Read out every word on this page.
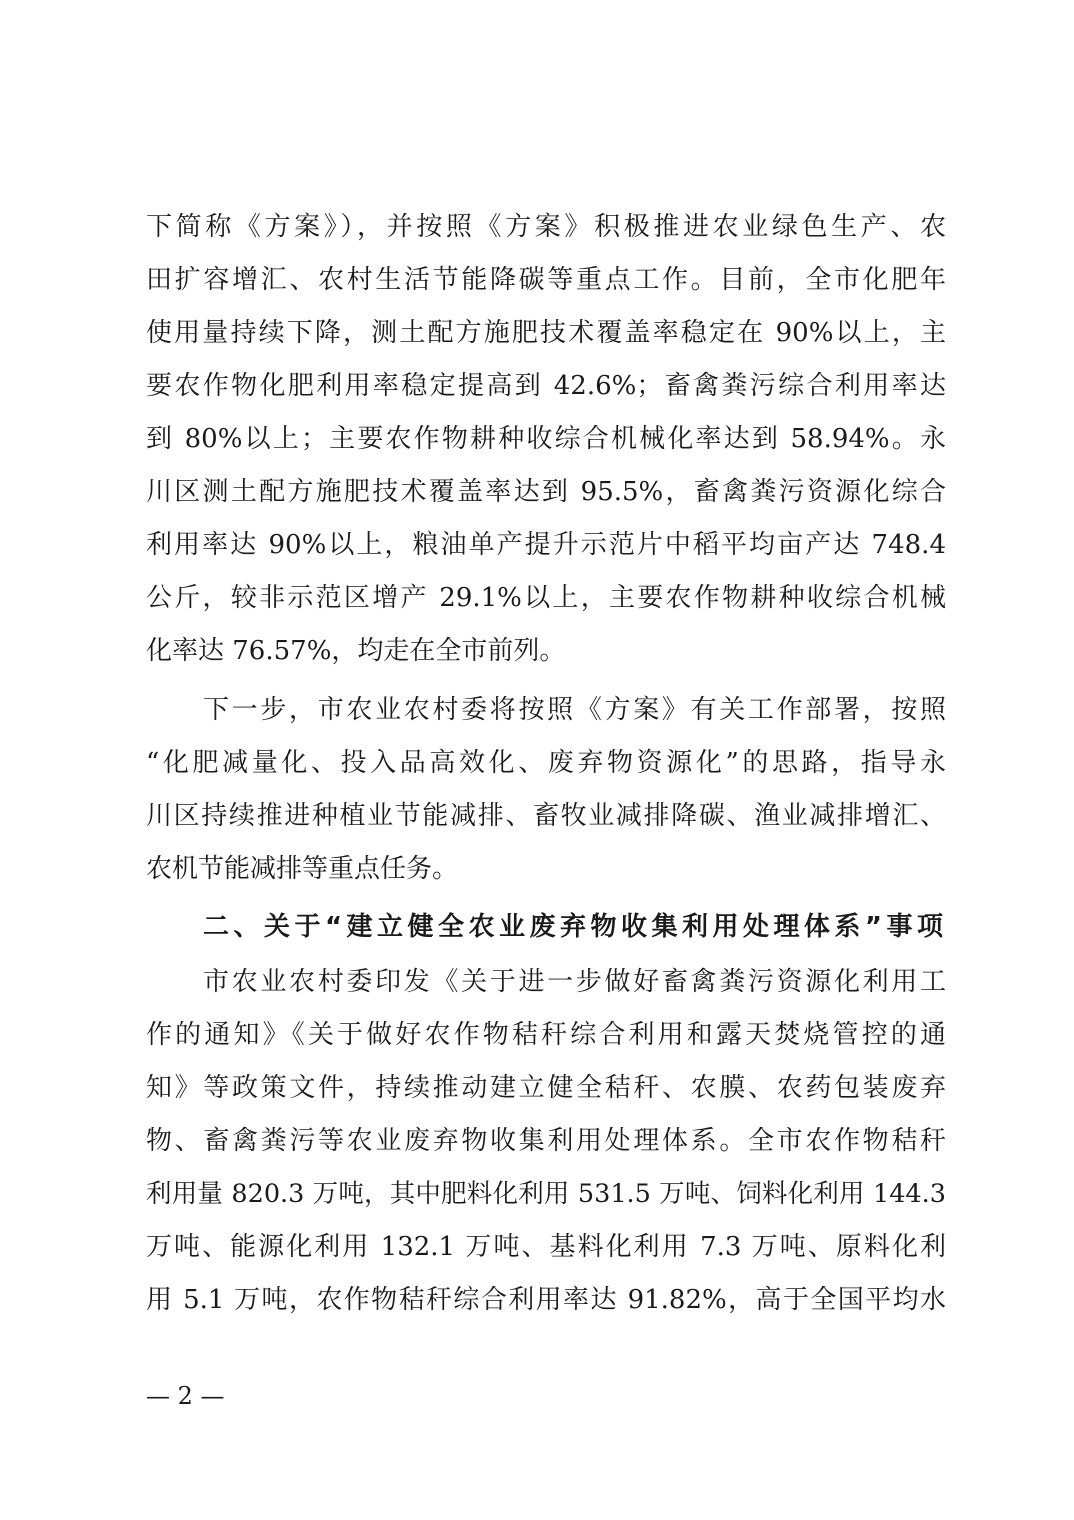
下简称《方案》），并按照《方案》积极推进农业绿色生产、农
田扩容增汇、农村生活节能降碳等重点工作。目前，全市化肥年
使用量持续下降，测土配方施肥技术覆盖率稳定在 90%以上，主
要农作物化肥利用率稳定提高到 42.6%；畜禽粪污综合利用率达
到 80%以上；主要农作物耕种收综合机械化率达到 58.94%。永
川区测土配方施肥技术覆盖率达到 95.5%，畜禽粪污资源化综合
利用率达 90%以上，粮油单产提升示范片中稻平均亩产达 748.4
公斤，较非示范区增产 29.1%以上，主要农作物耕种收综合机械
化率达 76.57%，均走在全市前列。
下一步，市农业农村委将按照《方案》有关工作部署，按照
“化肥减量化、投入品高效化、废弃物资源化”的思路，指导永
川区持续推进种植业节能减排、畜牧业减排降碳、渔业减排增汇、
农机节能减排等重点任务。
二、关于“建立健全农业废弃物收集利用处理体系”事项
市农业农村委印发《关于进一步做好畜禽粪污资源化利用工
作的通知》《关于做好农作物秸秆综合利用和露天焚烧管控的通
知》等政策文件，持续推动建立健全秸秆、农膜、农药包装废弃
物、畜禽粪污等农业废弃物收集利用处理体系。全市农作物秸秆
利用量 820.3 万吨，其中肥料化利用 531.5 万吨、饲料化利用 144.3
万吨、能源化利用 132.1 万吨、基料化利用 7.3 万吨、原料化利
用 5.1 万吨，农作物秸秆综合利用率达 91.82%，高于全国平均水
— 2 —
